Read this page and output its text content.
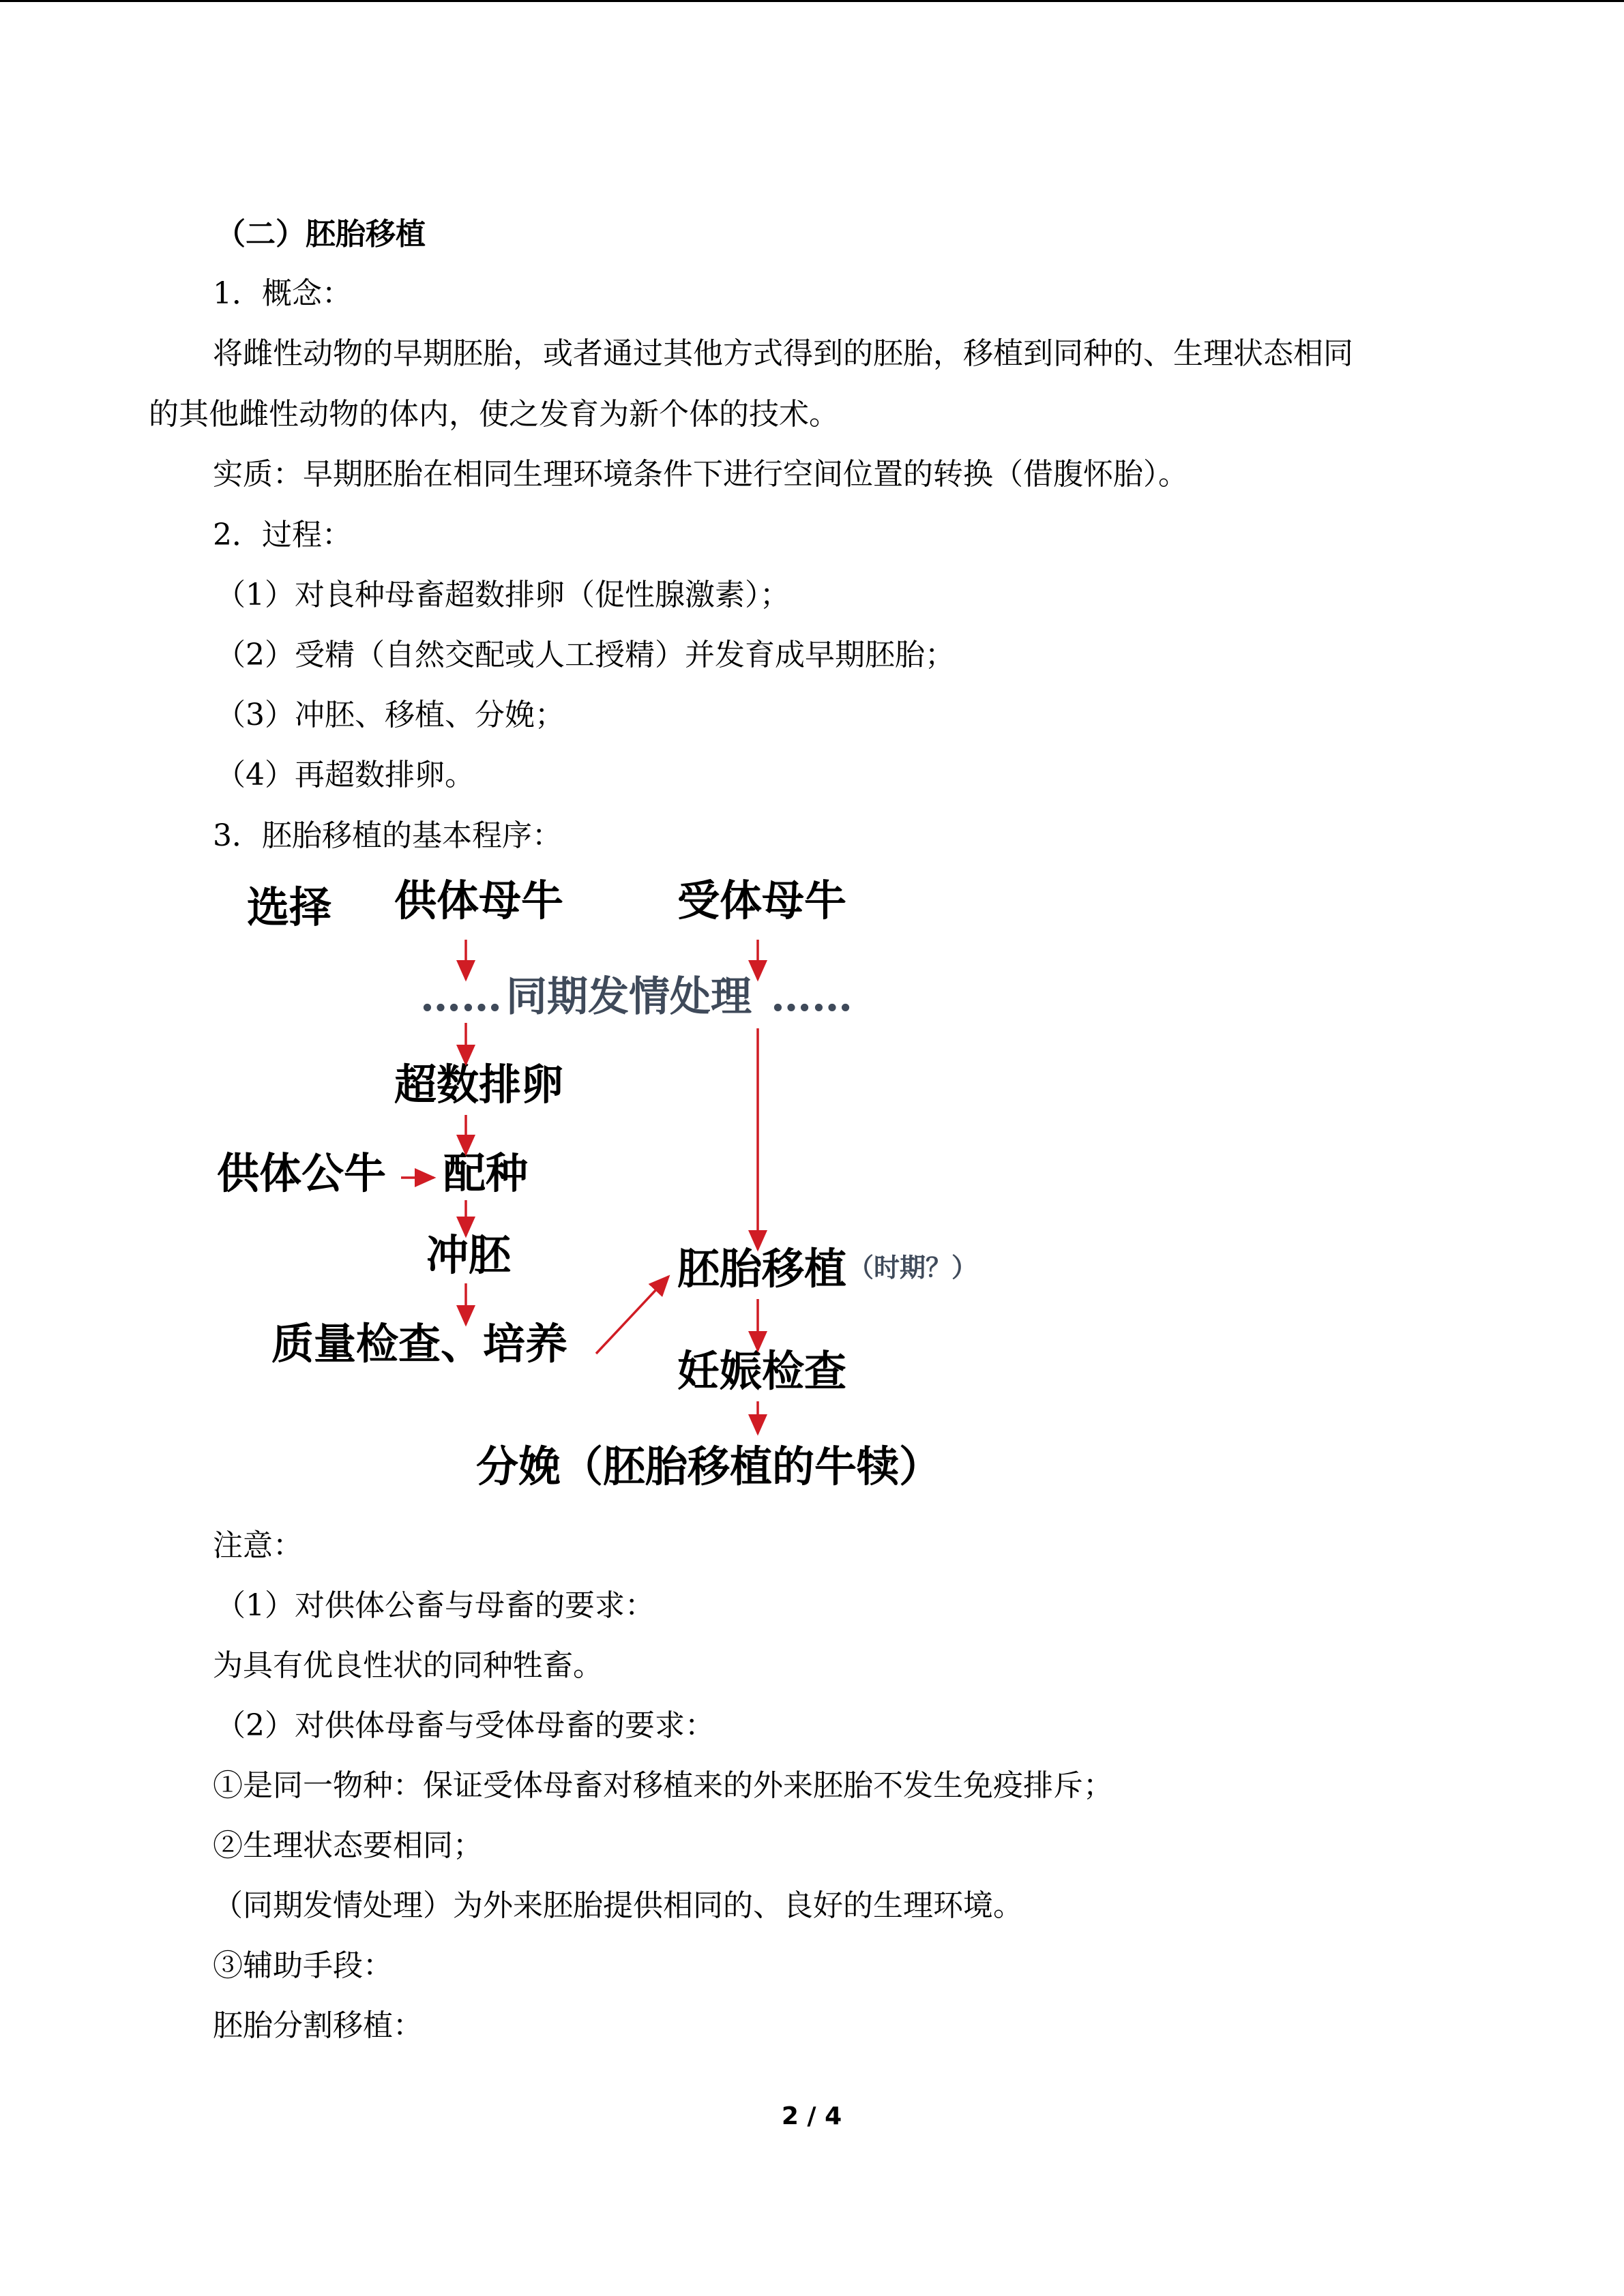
（二）胚胎移植
1．概念：
将雌性动物的早期胚胎，或者通过其他方式得到的胚胎，移植到同种的、生理状态相同
的其他雌性动物的体内，使之发育为新个体的技术。
实质：早期胚胎在相同生理环境条件下进行空间位置的转换（借腹怀胎）。
2．过程：
（1）对良种母畜超数排卵（促性腺激素）；
（2）受精（自然交配或人工授精）并发育成早期胚胎；
（3）冲胚、移植、分娩；
（4）再超数排卵。
3．胚胎移植的基本程序：
选择 供体母牛	受体母牛
…… 同期发情处理 ……
超数排卵
供体公牛 配种
冲胚
质量检查、培养
胚胎移植 （时期？）
妊娠检查
分娩（胚胎移植的牛犊）
注意：
（1）对供体公畜与母畜的要求：
为具有优良性状的同种牲畜。
（2）对供体母畜与受体母畜的要求：
①是同一物种：保证受体母畜对移植来的外来胚胎不发生免疫排斥；
②生理状态要相同；
（同期发情处理）为外来胚胎提供相同的、良好的生理环境。
③辅助手段：
胚胎分割移植：
2 / 4
